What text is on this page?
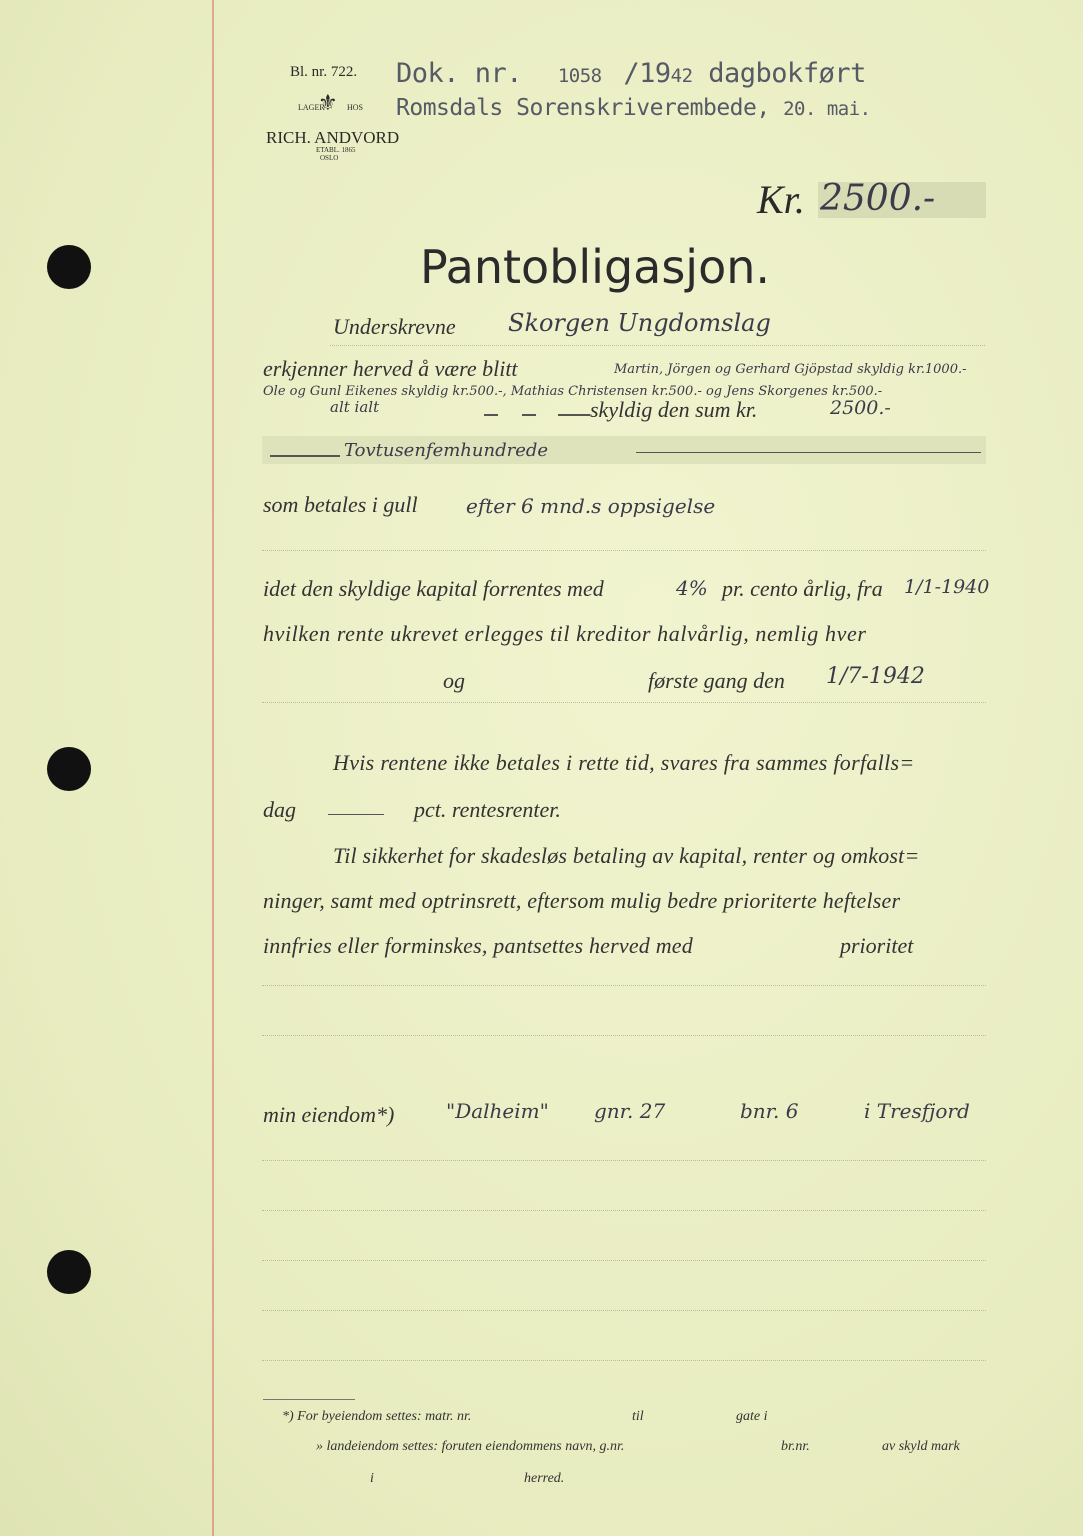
Bl. nr. 722.
LAGER
⚜ HOS
RICH. ANDVORD
ETABL. 1865
OSLO
Dok. nr. 1058 /1942 dagbokført
Romsdals Sorenskriverembede, 20. mai.
Kr. 2500.-
Pantobligasjon.
Underskrevne Skorgen Ungdomslag
erkjenner herved å være blitt	Martin, Jörgen og Gerhard Gjöpstad skyldig kr.1000.-
Ole og Gunl Eikenes skyldig kr.500.-, Mathias Christensen kr.500.- og Jens Skorgenes kr.500.-
alt ialt	skyldig den sum kr.	2500.-
Tovtusenfemhundrede
som betales i gull efter 6 mnd.s oppsigelse
idet den skyldige kapital forrentes med	4% pr. cento årlig, fra 1/1-1940
hvilken rente ukrevet erlegges til kreditor halvårlig, nemlig hver
og	første gang den 1/7-1942
Hvis rentene ikke betales i rette tid, svares fra sammes forfalls=
dag	pct. rentesrenter.
Til sikkerhet for skadesløs betaling av kapital, renter og omkost=
ninger, samt med optrinsrett, eftersom mulig bedre prioriterte heftelser
innfries eller forminskes, pantsettes herved med	prioritet
min eiendom*)	"Dalheim" gnr. 27	bnr. 6	i Tresfjord
*) For byeiendom settes: matr. nr.	til	gate i
» landeiendom settes: foruten eiendommens navn, g.nr.	br.nr.	av skyld mark
i	herred.
